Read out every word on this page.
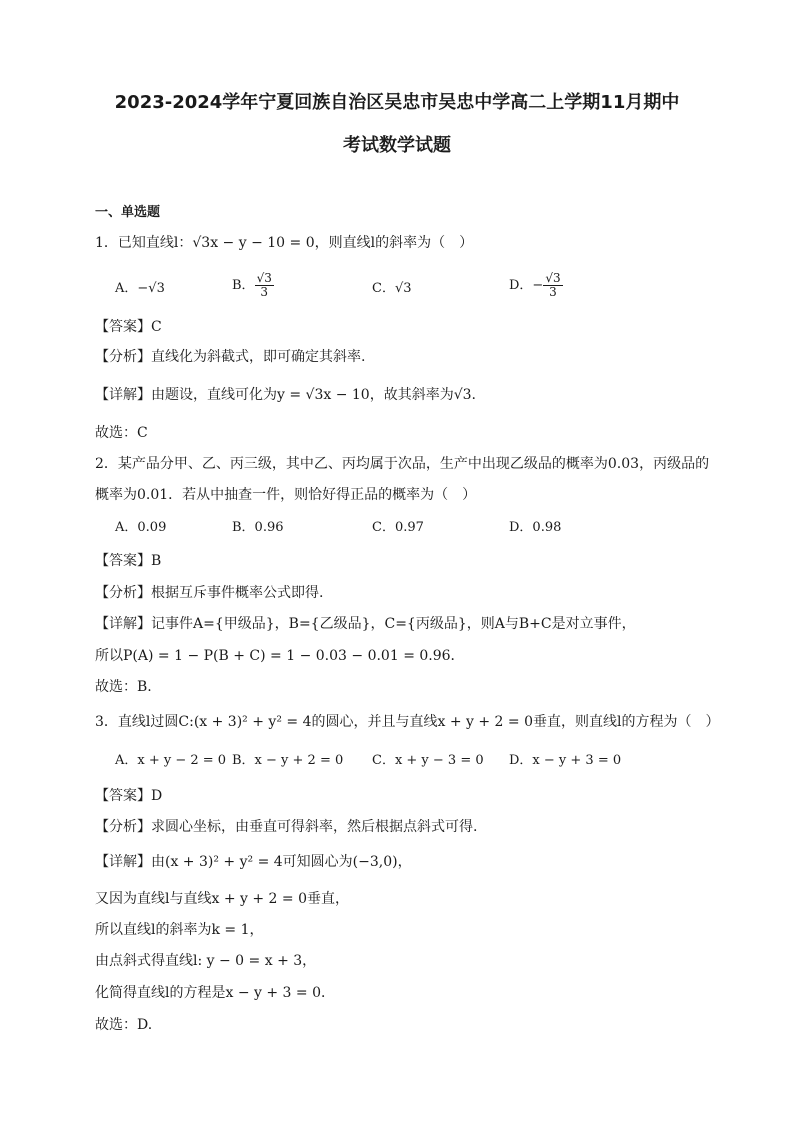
2023-2024学年宁夏回族自治区吴忠市吴忠中学高二上学期11月期中
考试数学试题
一、单选题
1．已知直线l：√3x − y − 10 = 0，则直线l的斜率为（　）
A．−√3	B． $\frac{√3}{3}$	C．√3	D．− $\frac{√3}{3}$
【答案】C
【分析】直线化为斜截式，即可确定其斜率.
【详解】由题设，直线可化为y = √3x − 10，故其斜率为√3.
故选：C
2．某产品分甲、乙、丙三级，其中乙、丙均属于次品，生产中出现乙级品的概率为0.03，丙级品的
概率为0.01．若从中抽查一件，则恰好得正品的概率为（　）
A．0.09	B．0.96	C．0.97	D．0.98
【答案】B
【分析】根据互斥事件概率公式即得.
【详解】记事件A={甲级品}，B={乙级品}，C={丙级品}，则A与B+C是对立事件，
所以P(A) = 1 − P(B + C) = 1 − 0.03 − 0.01 = 0.96．
故选：B.
3．直线l过圆C:(x + 3)² + y² = 4的圆心，并且与直线x + y + 2 = 0垂直，则直线l的方程为（　）
A．x + y − 2 = 0 B．x − y + 2 = 0 C．x + y − 3 = 0 D．x − y + 3 = 0
【答案】D
【分析】求圆心坐标，由垂直可得斜率，然后根据点斜式可得.
【详解】由(x + 3)² + y² = 4可知圆心为(−3,0)，
又因为直线l与直线x + y + 2 = 0垂直，
所以直线l的斜率为k = 1，
由点斜式得直线l: y − 0 = x + 3，
化简得直线l的方程是x − y + 3 = 0．
故选：D.
